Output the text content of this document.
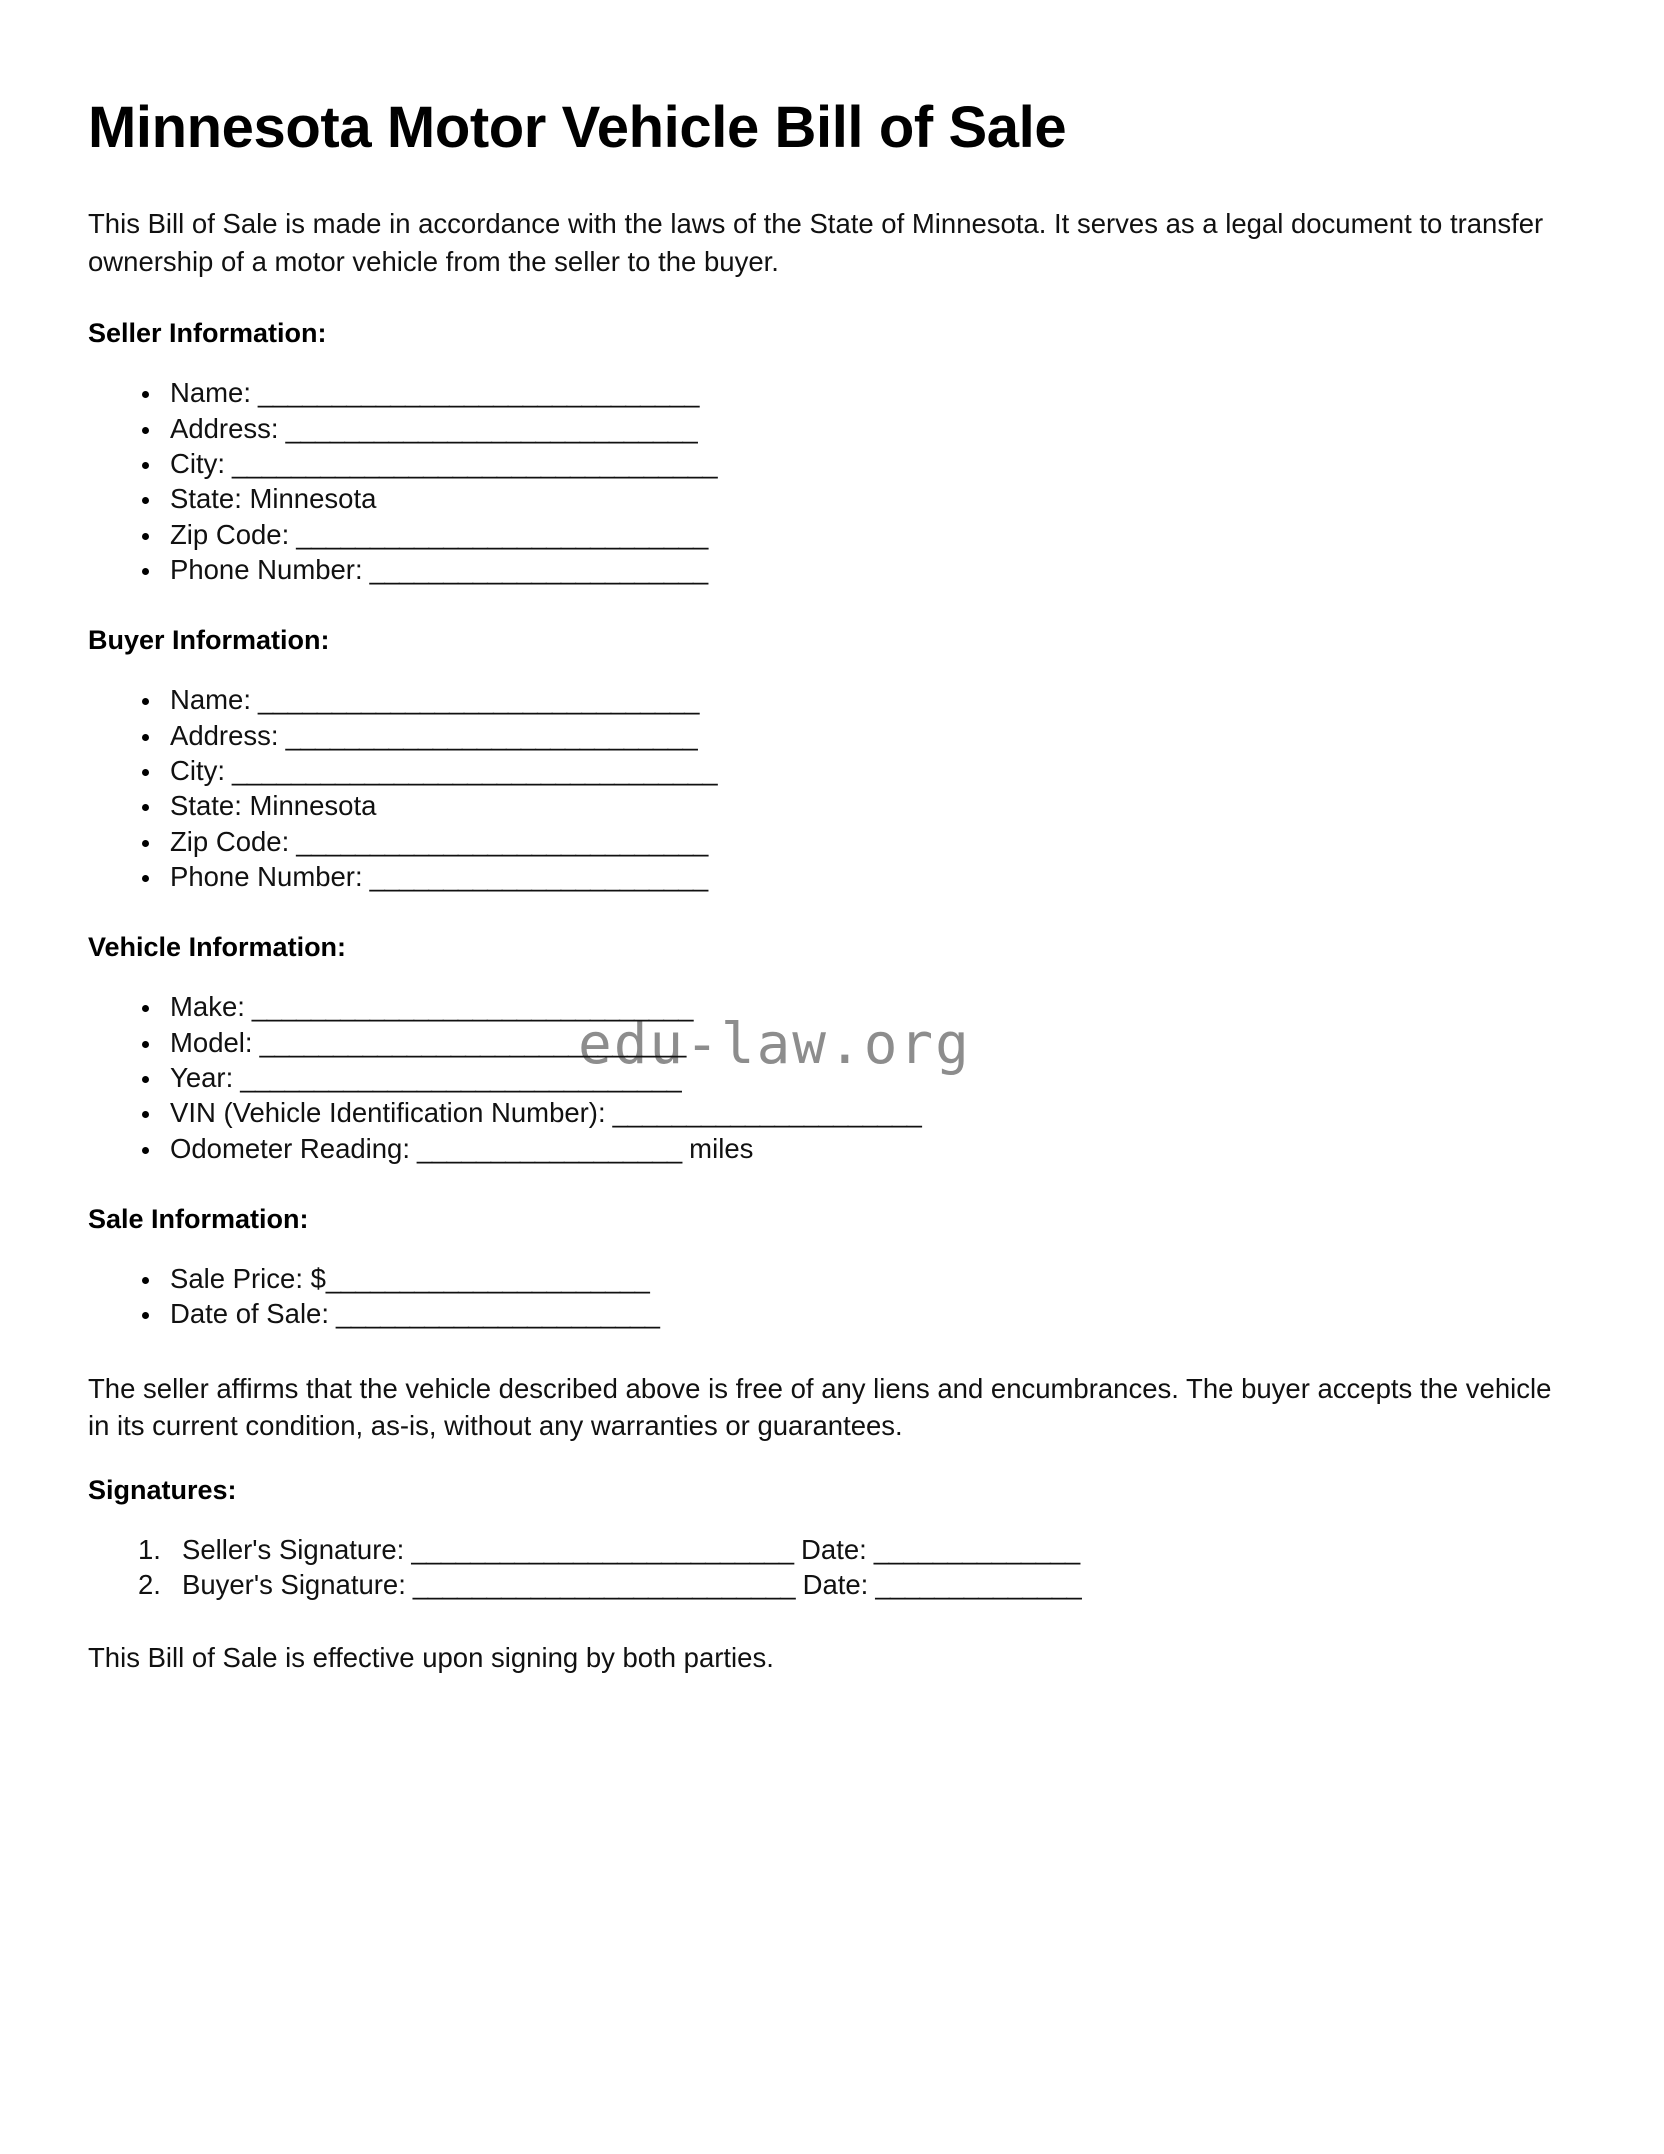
edu-law.org
Minnesota Motor Vehicle Bill of Sale

This Bill of Sale is made in accordance with the laws of the State of Minnesota. It serves as a legal document to transfer ownership of a motor vehicle from the seller to the buyer.

Seller Information:
Name: ______________________________
Address: ____________________________
City: _________________________________
State: Minnesota
Zip Code: ____________________________
Phone Number: _______________________
Buyer Information:
Name: ______________________________
Address: ____________________________
City: _________________________________
State: Minnesota
Zip Code: ____________________________
Phone Number: _______________________
Vehicle Information:
Make: ______________________________
Model: _____________________________
Year: ______________________________
VIN (Vehicle Identification Number): _____________________
Odometer Reading: __________________ miles
Sale Information:
Sale Price: $______________________
Date of Sale: ______________________

The seller affirms that the vehicle described above is free of any liens and encumbrances. The buyer accepts the vehicle in its current condition, as-is, without any warranties or guarantees.

Signatures:
Seller's Signature: __________________________ Date: ______________
Buyer's Signature: __________________________ Date: ______________

This Bill of Sale is effective upon signing by both parties.
